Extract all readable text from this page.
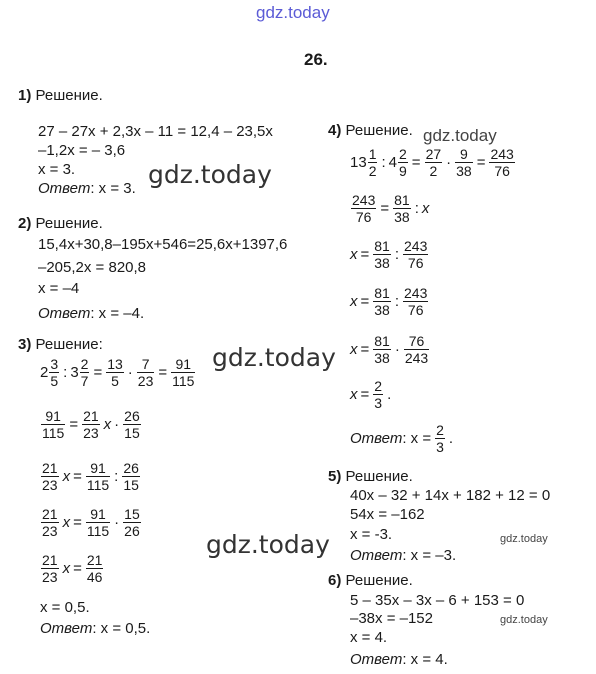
gdz.today
gdz.today
gdz.today
gdz.today
gdz.today
gdz.today
gdz.today
26.
1) Решение.
27 – 27x + 2,3x – 11 = 12,4 – 23,5x
–1,2x = – 3,6
x = 3.
Ответ: x = 3.
2) Решение.
15,4x+30,8–195x+546=25,6x+1397,6
–205,2x = 820,8
x = –4
Ответ: x = –4.
3) Решение:
2 3
5 : 3 2
$7 = \frac{13}{5} \cdot \frac{7}{23} = \frac{91}{115}$
$\frac{91}{115} = \frac{21}{23}$ x · 26
15
21
23 $x = \frac{91}{115}$ : 26
15
21
23 $x = \frac{91}{115} \cdot 15$
26
21
23 $x = \frac{21}{46}$
x = 0,5.
Ответ: x = 0,5.
4) Решение.
13 1
2 : 4 2
$9 = \frac{27}{2} \cdot \frac{9}{38} = \frac{243}{76}$
$\frac{243}{76} = \frac{81}{38}$ : x
$x = \frac{81}{38}$ : 243
76
$x = \frac{81}{38}$ : 243
76
$x = \frac{81}{38} \cdot 76$
243
$x = \frac{2}{3}$ .
Ответ: $x = \frac{2}{3}$ .
5) Решение.
40x – 32 + 14x + 182 + 12 = 0
54x = –162
x = -3.
Ответ: x = –3.
6) Решение.
5 – 35x – 3x – 6 + 153 = 0
–38x = –152
x = 4.
Ответ: x = 4.
